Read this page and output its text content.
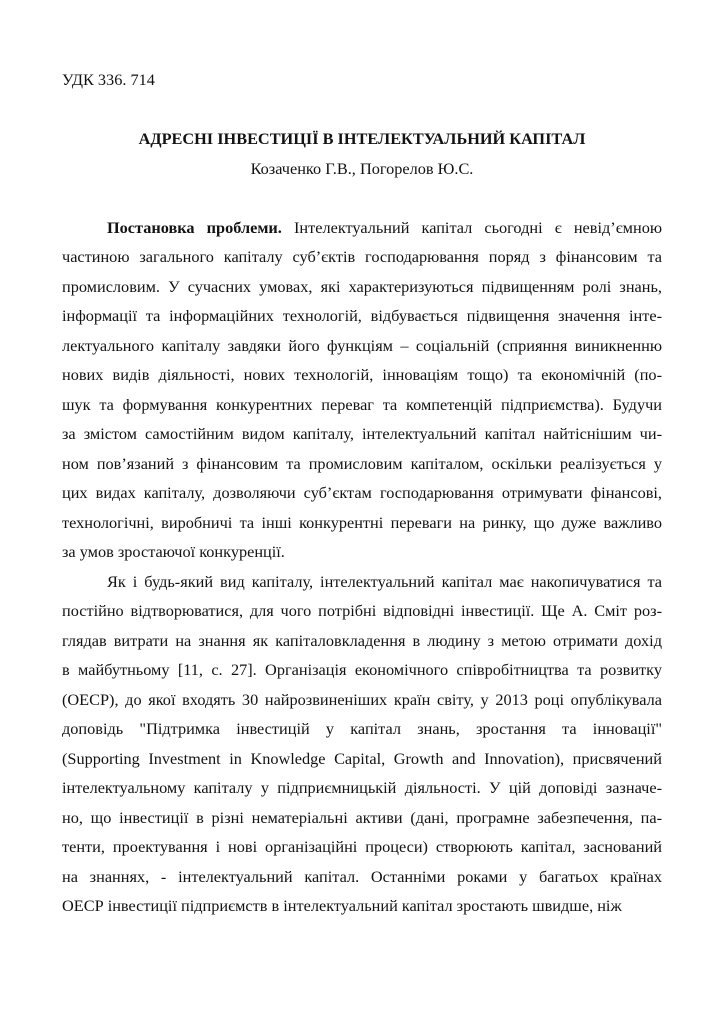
УДК 336. 714
АДРЕСНІ ІНВЕСТИЦІЇ В ІНТЕЛЕКТУАЛЬНИЙ КАПІТАЛ
Козаченко Г.В., Погорелов Ю.С.
Постановка проблеми. Інтелектуальний капітал сьогодні є невід’ємною
частиною загального капіталу суб’єктів господарювання поряд з фінансовим та
промисловим. У сучасних умовах, які характеризуються підвищенням ролі знань,
інформації та інформаційних технологій, відбувається підвищення значення інте-
лектуального капіталу завдяки його функціям – соціальній (сприяння виникненню
нових видів діяльності, нових технологій, інноваціям тощо) та економічній (по-
шук та формування конкурентних переваг та компетенцій підприємства). Будучи
за змістом самостійним видом капіталу, інтелектуальний капітал найтіснішим чи-
ном пов’язаний з фінансовим та промисловим капіталом, оскільки реалізується у
цих видах капіталу, дозволяючи суб’єктам господарювання отримувати фінансові,
технологічні, виробничі та інші конкурентні переваги на ринку, що дуже важливо
за умов зростаючої конкуренції.
Як і будь-який вид капіталу, інтелектуальний капітал має накопичуватися та
постійно відтворюватися, для чого потрібні відповідні інвестиції. Ще А. Сміт роз-
глядав витрати на знання як капіталовкладення в людину з метою отримати дохід
в майбутньому [11, с. 27]. Організація економічного співробітництва та розвитку
(ОЕСР), до якої входять 30 найрозвиненіших країн світу, у 2013 році опублікувала
доповідь "Підтримка інвестицій у капітал знань, зростання та інновації"
(Supporting Investment in Knowledge Capital, Growth and Innovation), присвячений
інтелектуальному капіталу у підприємницькій діяльності. У цій доповіді зазначе-
но, що інвестиції в різні нематеріальні активи (дані, програмне забезпечення, па-
тенти, проектування і нові організаційні процеси) створюють капітал, заснований
на знаннях, - інтелектуальний капітал. Останніми роками у багатьох країнах
ОЕСР інвестиції підприємств в інтелектуальний капітал зростають швидше, ніж
